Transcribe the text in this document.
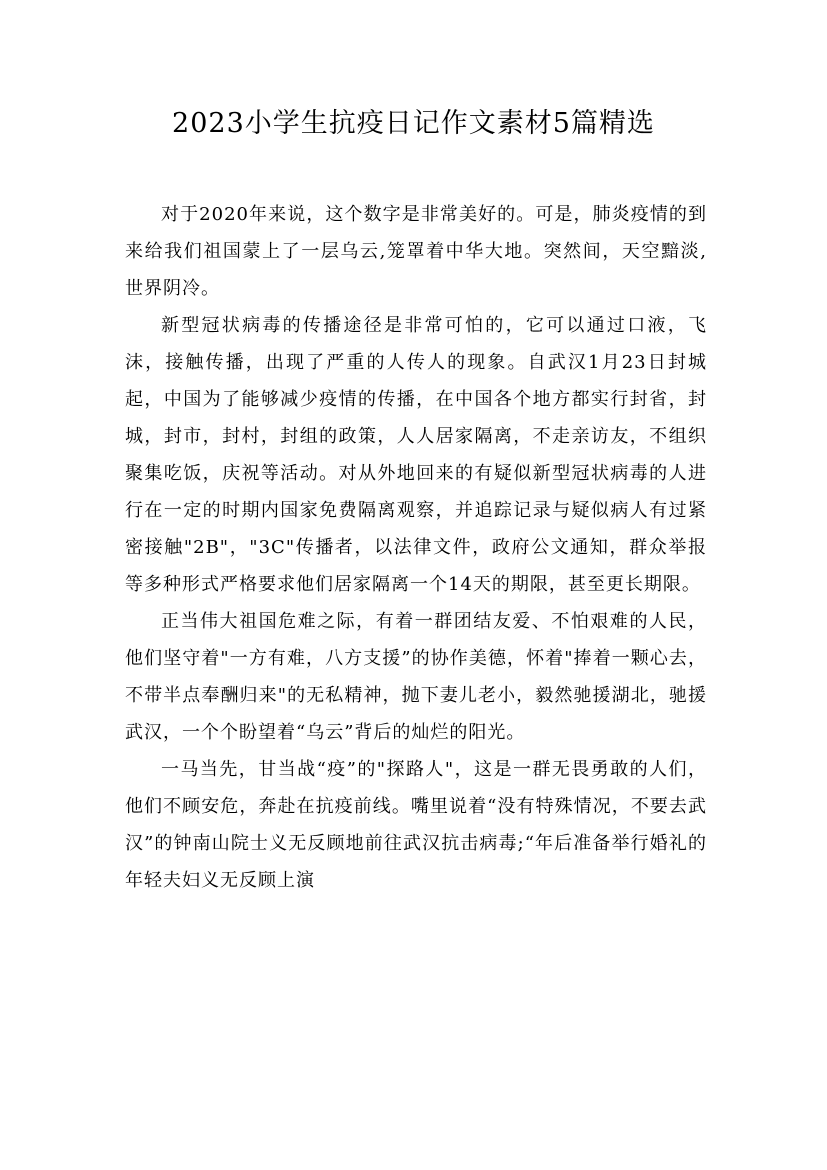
2023小学生抗疫日记作文素材5篇精选

对于2020年来说，这个数字是非常美好的。可是，肺炎疫情的到来给我们祖国蒙上了一层乌云,笼罩着中华大地。突然间，天空黯淡,世界阴冷。

新型冠状病毒的传播途径是非常可怕的，它可以通过口液，飞沫，接触传播，出现了严重的人传人的现象。自武汉1月23日封城起，中国为了能够减少疫情的传播，在中国各个地方都实行封省，封城，封市，封村，封组的政策，人人居家隔离，不走亲访友，不组织聚集吃饭，庆祝等活动。对从外地回来的有疑似新型冠状病毒的人进行在一定的时期内国家免费隔离观察，并追踪记录与疑似病人有过紧密接触"2B"，"3C"传播者，以法律文件，政府公文通知，群众举报等多种形式严格要求他们居家隔离一个14天的期限，甚至更长期限。

正当伟大祖国危难之际，有着一群团结友爱、不怕艰难的人民，他们坚守着"一方有难，八方支援”的协作美德，怀着"捧着一颗心去，不带半点奉酬归来"的无私精神，抛下妻儿老小，毅然驰援湖北，驰援武汉，一个个盼望着“乌云”背后的灿烂的阳光。

一马当先，甘当战“疫”的"探路人"，这是一群无畏勇敢的人们，他们不顾安危，奔赴在抗疫前线。嘴里说着“没有特殊情况，不要去武汉”的钟南山院士义无反顾地前往武汉抗击病毒;“年后准备举行婚礼的年轻夫妇义无反顾上演
